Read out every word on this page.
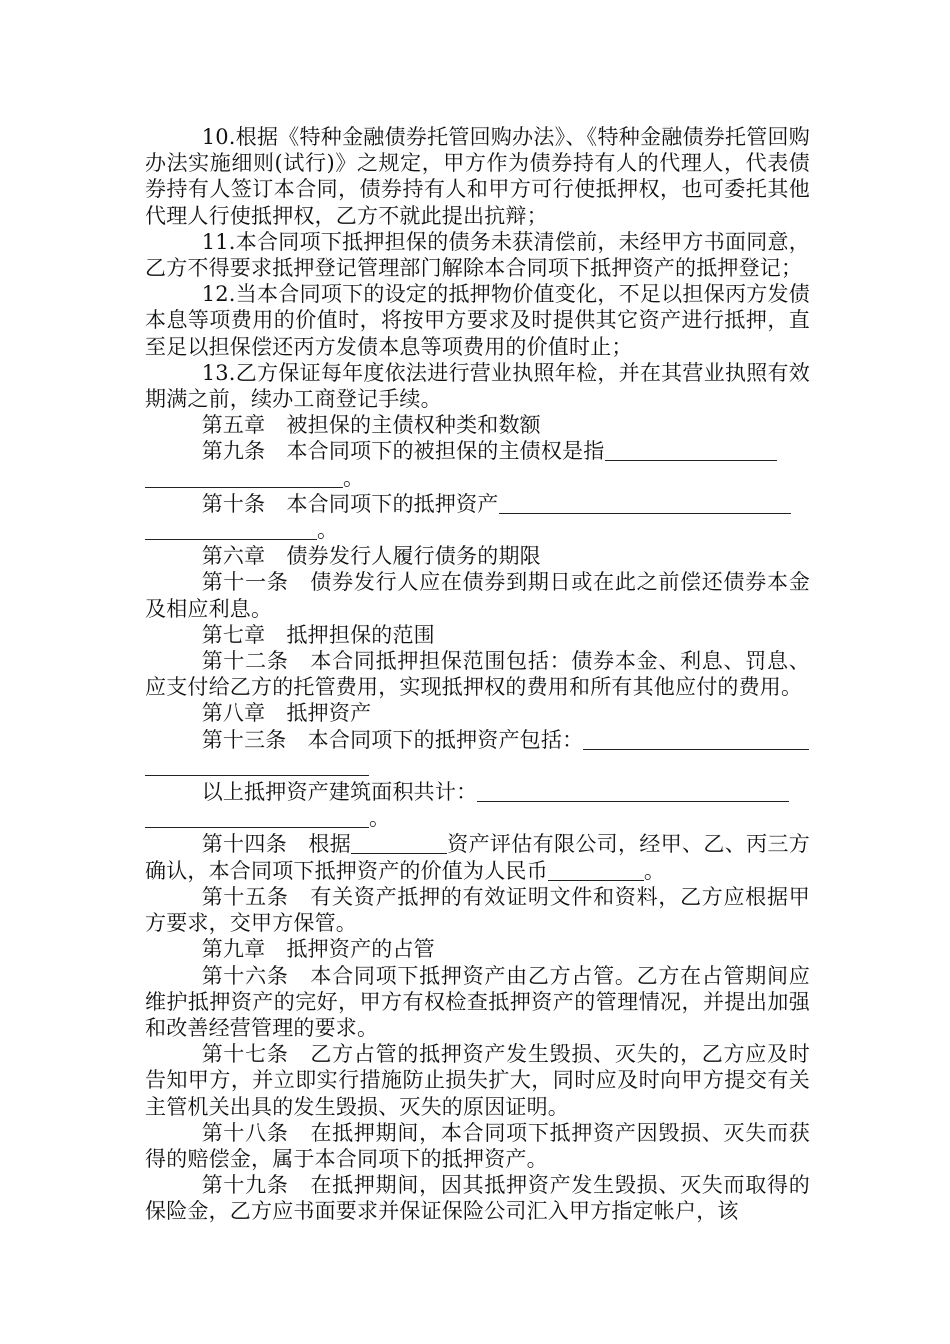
10.根据《特种金融债券托管回购办法》、《特种金融债券托管回购办法实施细则(试行)》之规定，甲方作为债券持有人的代理人，代表债券持有人签订本合同，债券持有人和甲方可行使抵押权，也可委托其他代理人行使抵押权，乙方不就此提出抗辩；

11.本合同项下抵押担保的债务未获清偿前，未经甲方书面同意，乙方不得要求抵押登记管理部门解除本合同项下抵押资产的抵押登记；

12.当本合同项下的设定的抵押物价值变化，不足以担保丙方发债本息等项费用的价值时，将按甲方要求及时提供其它资产进行抵押，直至足以担保偿还丙方发债本息等项费用的价值时止；

13.乙方保证每年度依法进行营业执照年检，并在其营业执照有效期满之前，续办工商登记手续。

第五章　被担保的主债权种类和数额

第九条　本合同项下的被担保的主债权是指

。

第十条　本合同项下的抵押资产

。

第六章　债券发行人履行债务的期限

第十一条　债券发行人应在债券到期日或在此之前偿还债券本金及相应利息。

第七章　抵押担保的范围

第十二条　本合同抵押担保范围包括：债券本金、利息、罚息、应支付给乙方的托管费用，实现抵押权的费用和所有其他应付的费用。

第八章　抵押资产

第十三条　本合同项下的抵押资产包括：

以上抵押资产建筑面积共计：

。

第十四条　根据	资产评估有限公司，经甲、乙、丙三方确认，本合同项下抵押资产的价值为人民币	。

第十五条　有关资产抵押的有效证明文件和资料，乙方应根据甲方要求，交甲方保管。

第九章　抵押资产的占管

第十六条　本合同项下抵押资产由乙方占管。乙方在占管期间应维护抵押资产的完好，甲方有权检查抵押资产的管理情况，并提出加强和改善经营管理的要求。

第十七条　乙方占管的抵押资产发生毁损、灭失的，乙方应及时告知甲方，并立即实行措施防止损失扩大，同时应及时向甲方提交有关主管机关出具的发生毁损、灭失的原因证明。

第十八条　在抵押期间，本合同项下抵押资产因毁损、灭失而获得的赔偿金，属于本合同项下的抵押资产。

第十九条　在抵押期间，因其抵押资产发生毁损、灭失而取得的保险金，乙方应书面要求并保证保险公司汇入甲方指定帐户，该
